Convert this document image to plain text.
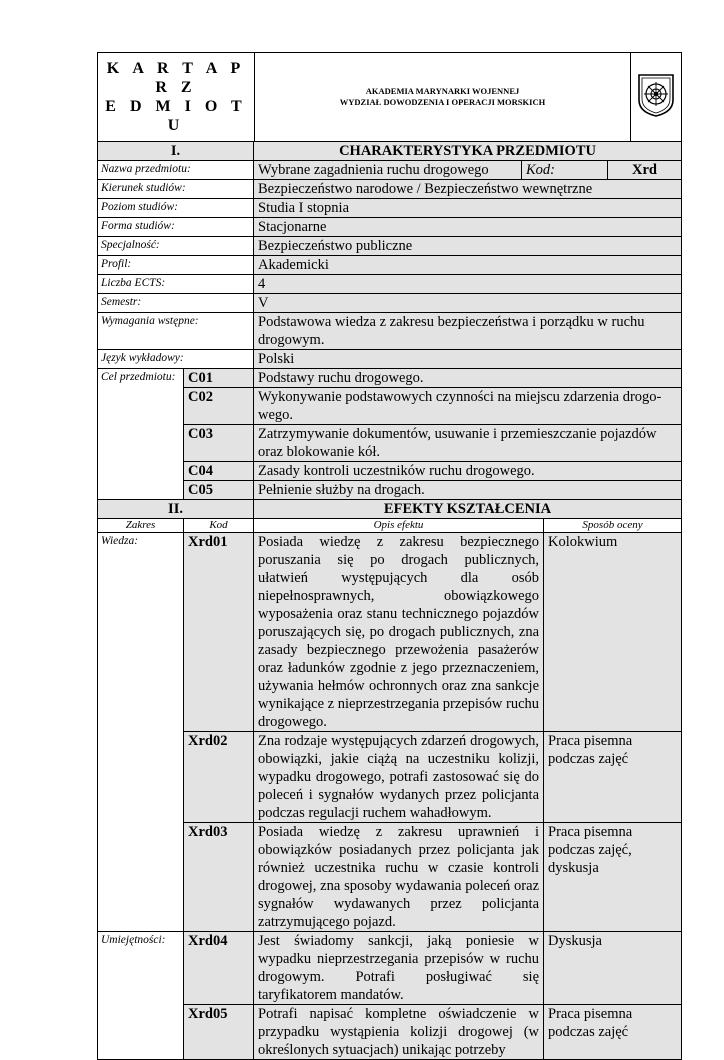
K A R T A P R Z
E D M I O T U

AKADEMIA MARYNARKI WOJENNEJ
WYDZIAŁ DOWODZENIA I OPERACJI MORSKICH

I.		CHARAKTERYSTYKA PRZEDMIOTU		
Nazwa przedmiotu:		Wybrane zagadnienia ruchu drogowego	Kod:	Xrd
Kierunek studiów:		Bezpieczeństwo narodowe / Bezpieczeństwo wewnętrzne		
Poziom studiów:		Studia I stopnia		
Forma studiów:		Stacjonarne		
Specjalność:		Bezpieczeństwo publiczne		
Profil:		Akademicki		
Liczba ECTS:		4		
Semestr:		V		
Wymagania wstępne:		Podstawowa wiedza z zakresu bezpieczeństwa i porządku w ruchu drogowym.		
Język wykładowy:		Polski		
Cel przedmiotu:	C01	Podstawy ruchu drogowego.		
	C02	Wykonywanie podstawowych czynności na miejscu zdarzenia drogo-wego.		
	C03	Zatrzymywanie dokumentów, usuwanie i przemieszczanie pojazdów oraz blokowanie kół.		
	C04	Zasady kontroli uczestników ruchu drogowego.		
	C05	Pełnienie służby na drogach.		
II.		EFEKTY KSZTAŁCENIA	
Zakres	Kod	Opis efektu	Sposób oceny
Wiedza:	Xrd01	Posiada wiedzę z zakresu bezpiecznego poruszania się po drogach publicznych, ułatwień występujących dla osób niepełnosprawnych, obowiązkowego wyposażenia oraz stanu technicznego pojazdów poruszających się, po drogach publicznych, zna zasady bezpiecznego przewożenia pasażerów oraz ładunków zgodnie z jego przeznaczeniem, używania hełmów ochronnych oraz zna sankcje wynikające z nieprzestrzegania przepisów ruchu drogowego.	Kolokwium
	Xrd02	Zna rodzaje występujących zdarzeń drogowych, obowiązki, jakie ciążą na uczestniku kolizji, wypadku drogowego, potrafi zastosować się do poleceń i sygnałów wydanych przez policjanta podczas regulacji ruchem wahadłowym.	Praca pisemna podczas zajęć
	Xrd03	Posiada wiedzę z zakresu uprawnień i obowiązków posiadanych przez policjanta jak również uczestnika ruchu w czasie kontroli drogowej, zna sposoby wydawania poleceń oraz sygnałów wydawanych przez policjanta zatrzymującego pojazd.	Praca pisemna podczas zajęć, dyskusja
Umiejętności:	Xrd04	Jest świadomy sankcji, jaką poniesie w wypadku nieprzestrzegania przepisów w ruchu drogowym. Potrafi posługiwać się taryfikatorem mandatów.	Dyskusja
	Xrd05	Potrafi napisać kompletne oświadczenie w przypadku wystąpienia kolizji drogowej (w określonych sytuacjach) unikając potrzeby	Praca pisemna podczas zajęć
